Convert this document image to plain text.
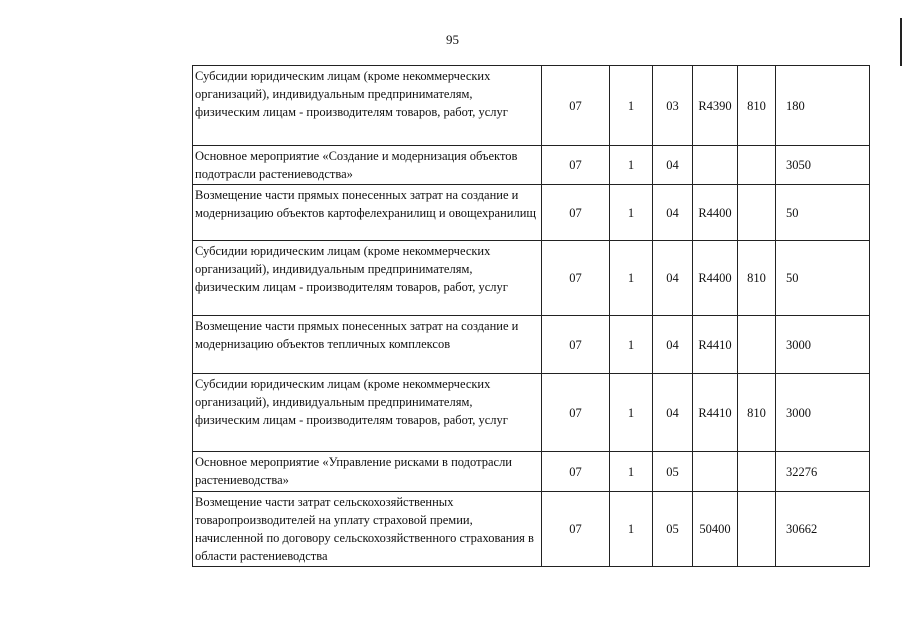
95
Субсидии юридическим лицам (кроме некоммерческих организаций), индивидуальным предпринимателям, физическим лицам - производителям товаров, работ, услуг	07	1	03	R4390	810	180
Основное мероприятие «Создание и модернизация объектов подотрасли растениеводства»	07	1	04			3050
Возмещение части прямых понесенных затрат на создание и модернизацию объектов картофелехранилищ и овощехранилищ	07	1	04	R4400		50
Субсидии юридическим лицам (кроме некоммерческих организаций), индивидуальным предпринимателям, физическим лицам - производителям товаров, работ, услуг	07	1	04	R4400	810	50
Возмещение части прямых понесенных затрат на создание и модернизацию объектов тепличных комплексов	07	1	04	R4410		3000
Субсидии юридическим лицам (кроме некоммерческих организаций), индивидуальным предпринимателям, физическим лицам - производителям товаров, работ, услуг	07	1	04	R4410	810	3000
Основное мероприятие «Управление рисками в подотрасли растениеводства»	07	1	05			32276
Возмещение части затрат сельскохозяйственных товаропроизводителей на уплату страховой премии, начисленной по договору сельскохозяйственного страхования в области растениеводства	07	1	05	50400		30662
